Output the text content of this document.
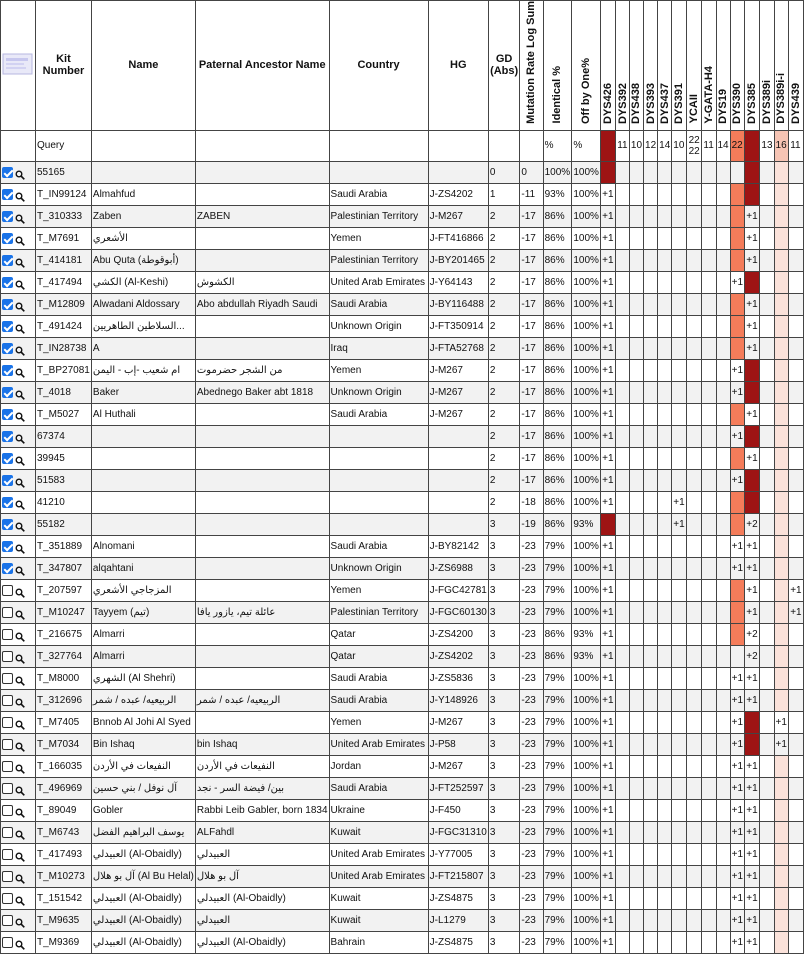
	Kit Number	Name	Paternal Ancestor Name	Country	HG	GD (Abs)	Mutation Rate Log Sum	Identical %	Off by One%	DYS426	DYS392	DYS438	DYS393	DYS437	DYS391	YCAII	Y-GATA-H4	DYS19	DYS390	DYS385	DYS389i	DYS389i-i	DYS439
	Query							%	%		11	10	12	14	10	22 22	11	14	22		13	16	11
	55165					0	0	100%	100%														
	T_IN99124	Almahfud		Saudi Arabia	J-ZS4202	1	-11	93%	100%	+1													
	T_310333	Zaben	ZABEN	Palestinian Territory	J-M267	2	-17	86%	100%	+1										+1			
	T_M7691	الأشعري		Yemen	J-FT416866	2	-17	86%	100%	+1										+1			
	T_414181	Abu Quta (أبوقوطة)		Palestinian Territory	J-BY201465	2	-17	86%	100%	+1										+1			
	T_417494	الكشي (Al-Keshi)	الكشوش	United Arab Emirates	J-Y64143	2	-17	86%	100%	+1									+1				
	T_M12809	Alwadani Aldossary	Abo abdullah Riyadh Saudi	Saudi Arabia	J-BY116488	2	-17	86%	100%	+1										+1			
	T_491424	السلاطين الطاهريين...		Unknown Origin	J-FT350914	2	-17	86%	100%	+1										+1			
	T_IN28738	A		Iraq	J-FTA52768	2	-17	86%	100%	+1										+1			
	T_BP27081	ام شعيب -إب - اليمن	من الشجر حضرموت	Yemen	J-M267	2	-17	86%	100%	+1									+1				
	T_4018	Baker	Abednego Baker abt 1818	Unknown Origin	J-M267	2	-17	86%	100%	+1									+1				
	T_M5027	Al Huthali		Saudi Arabia	J-M267	2	-17	86%	100%	+1										+1			
	67374					2	-17	86%	100%	+1									+1				
	39945					2	-17	86%	100%	+1										+1			
	51583					2	-17	86%	100%	+1									+1				
	41210					2	-18	86%	100%	+1					+1								
	55182					3	-19	86%	93%						+1					+2			
	T_351889	Alnomani		Saudi Arabia	J-BY82142	3	-23	79%	100%	+1									+1	+1			
	T_347807	alqahtani		Unknown Origin	J-ZS6988	3	-23	79%	100%	+1									+1	+1			
	T_207597	المزجاجي الأشعري		Yemen	J-FGC42781	3	-23	79%	100%	+1										+1			+1
	T_M10247	Tayyem (تيم)	عائلة تيم، يازور يافا	Palestinian Territory	J-FGC60130	3	-23	79%	100%	+1										+1			+1
	T_216675	Almarri		Qatar	J-ZS4200	3	-23	86%	93%	+1										+2			
	T_327764	Almarri		Qatar	J-ZS4202	3	-23	86%	93%	+1										+2			
	T_M8000	الشهري (Al Shehri)		Saudi Arabia	J-ZS5836	3	-23	79%	100%	+1									+1	+1			
	T_312696	الربيعيه/ عبده / شمر	الربيعيه/ عبده / شمر	Saudi Arabia	J-Y148926	3	-23	79%	100%	+1									+1	+1			
	T_M7405	Bnnob Al Johi Al Syed		Yemen	J-M267	3	-23	79%	100%	+1									+1			+1	
	T_M7034	Bin Ishaq	bin Ishaq	United Arab Emirates	J-P58	3	-23	79%	100%	+1									+1			+1	
	T_166035	النفيعات في الأردن	النفيعات في الأردن	Jordan	J-M267	3	-23	79%	100%	+1									+1	+1			
	T_496969	آل نوفل / بني حسين	بين/ فيضة السر - نجد	Saudi Arabia	J-FT252597	3	-23	79%	100%	+1									+1	+1			
	T_89049	Gobler	Rabbi Leib Gabler, born 1834	Ukraine	J-F450	3	-23	79%	100%	+1									+1	+1			
	T_M6743	يوسف البراهيم الفضل	ALFahdl	Kuwait	J-FGC31310	3	-23	79%	100%	+1									+1	+1			
	T_417493	العبيدلي (Al-Obaidly)	العبيدلي	United Arab Emirates	J-Y77005	3	-23	79%	100%	+1									+1	+1			
	T_M10273	آل بو هلال (Al Bu Helal)	آل بو هلال	United Arab Emirates	J-FT215807	3	-23	79%	100%	+1									+1	+1			
	T_151542	العبيدلي (Al-Obaidly)	العبيدلي (Al-Obaidly)	Kuwait	J-ZS4875	3	-23	79%	100%	+1									+1	+1			
	T_M9635	العبيدلي (Al-Obaidly)	العبيدلي	Kuwait	J-L1279	3	-23	79%	100%	+1									+1	+1			
	T_M9369	العبيدلي (Al-Obaidly)	العبيدلي (Al-Obaidly)	Bahrain	J-ZS4875	3	-23	79%	100%	+1									+1	+1			
